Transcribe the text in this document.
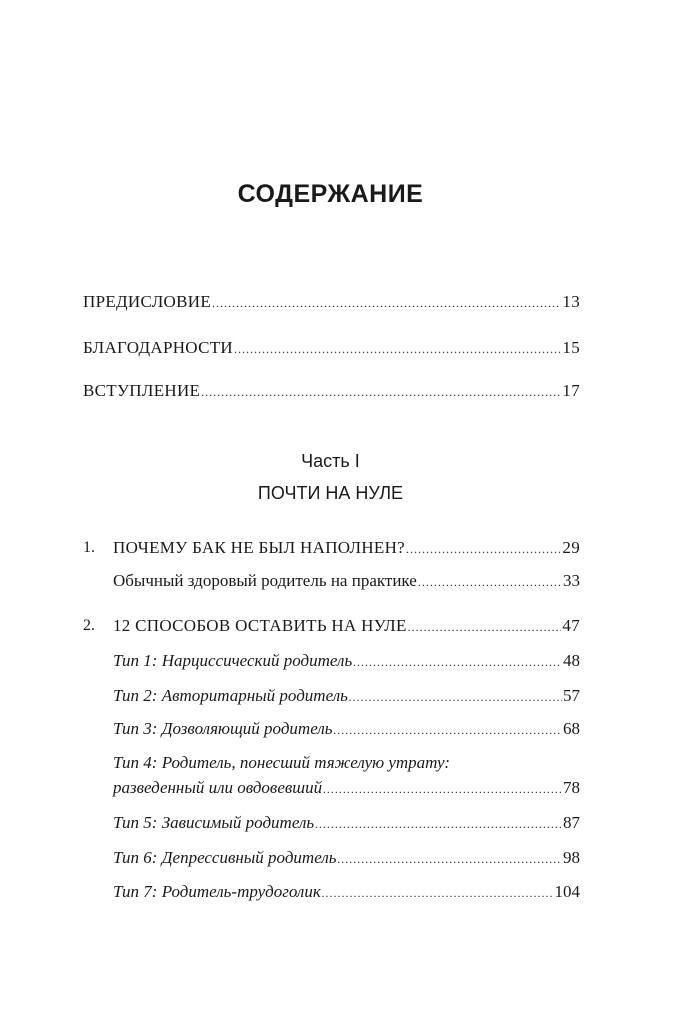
СОДЕРЖАНИЕ
ПРЕДИСЛОВИЕ .....	13
БЛАГОДАРНОСТИ .....	15
ВСТУПЛЕНИЕ .....	17
Часть I
ПОЧТИ НА НУЛЕ
1. ПОЧЕМУ БАК НЕ БЫЛ НАПОЛНЕН? .....	29
Обычный здоровый родитель на практике .....	33
2. 12 СПОСОБОВ ОСТАВИТЬ НА НУЛЕ .....	47
Тип 1: Нарциссический родитель .....	48
Тип 2: Авторитарный родитель .....	57
Тип 3: Дозволяющий родитель .....	68
Тип 4: Родитель, понесший тяжелую утрату:
разведенный или овдовевший .....	78
Тип 5: Зависимый родитель .....	87
Тип 6: Депрессивный родитель .....	98
Тип 7: Родитель-трудоголик .....	104
